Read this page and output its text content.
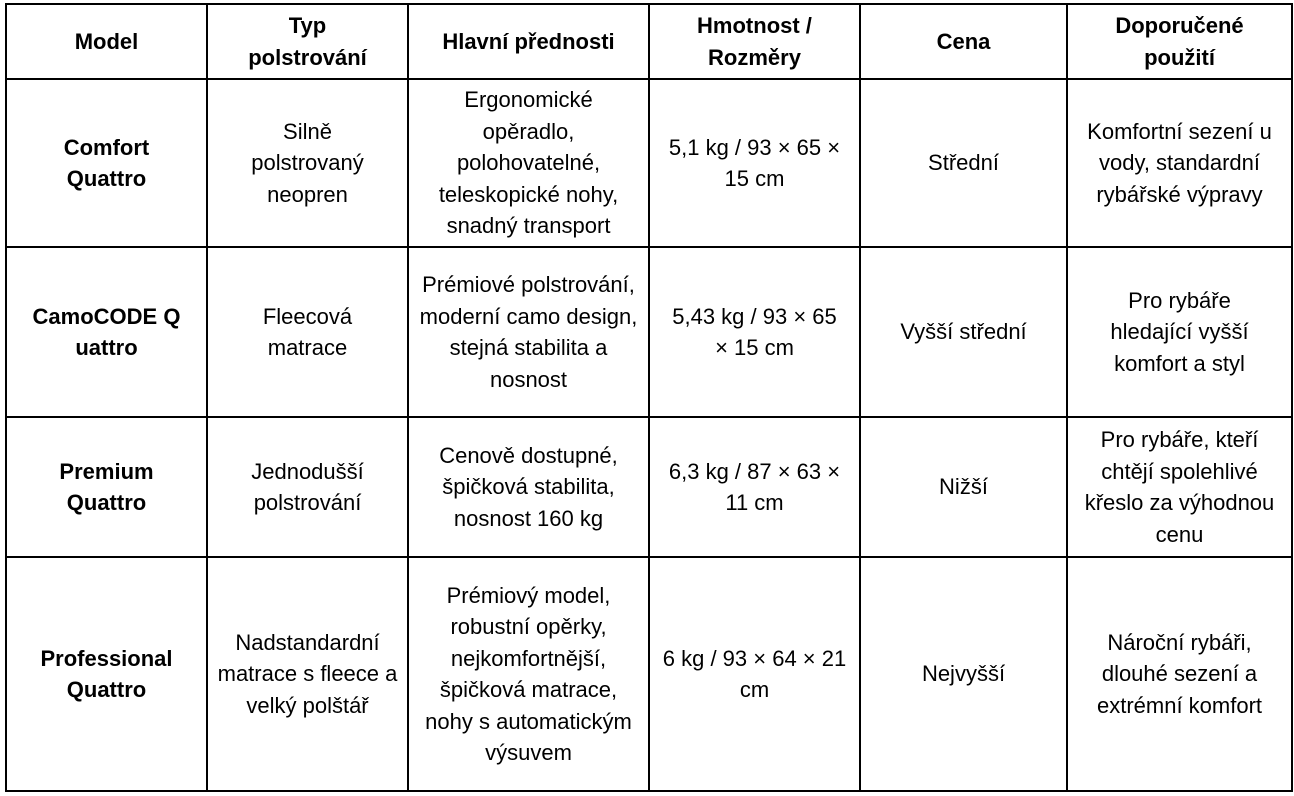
Model	Typ polstrování	Hlavní přednosti	Hmotnost / Rozměry	Cena	Doporučené použití

Comfort Quattro	Silně polstrovaný neopren	Ergonomické opěradlo, polohovatelné, teleskopické nohy, snadný transport	5,1 kg / 93 × 65 × 15 cm	Střední	Komfortní sezení u vody, standardní rybářské výpravy

CamoCODE Quattro	Fleecová matrace	Prémiové polstrování, moderní camo design, stejná stabilita a nosnost	5,43 kg / 93 × 65 × 15 cm	Vyšší střední	Pro rybáře hledající vyšší komfort a styl

Premium Quattro	Jednodušší polstrování	Cenově dostupné, špičková stabilita, nosnost 160 kg	6,3 kg / 87 × 63 × 11 cm	Nižší	Pro rybáře, kteří chtějí spolehlivé křeslo za výhodnou cenu

Professional Quattro	Nadstandardní matrace s fleece a velký polštář	Prémiový model, robustní opěrky, nejkomfortnější, špičková matrace, nohy s automatickým výsuvem	6 kg / 93 × 64 × 21 cm	Nejvyšší	Nároční rybáři, dlouhé sezení a extrémní komfort
